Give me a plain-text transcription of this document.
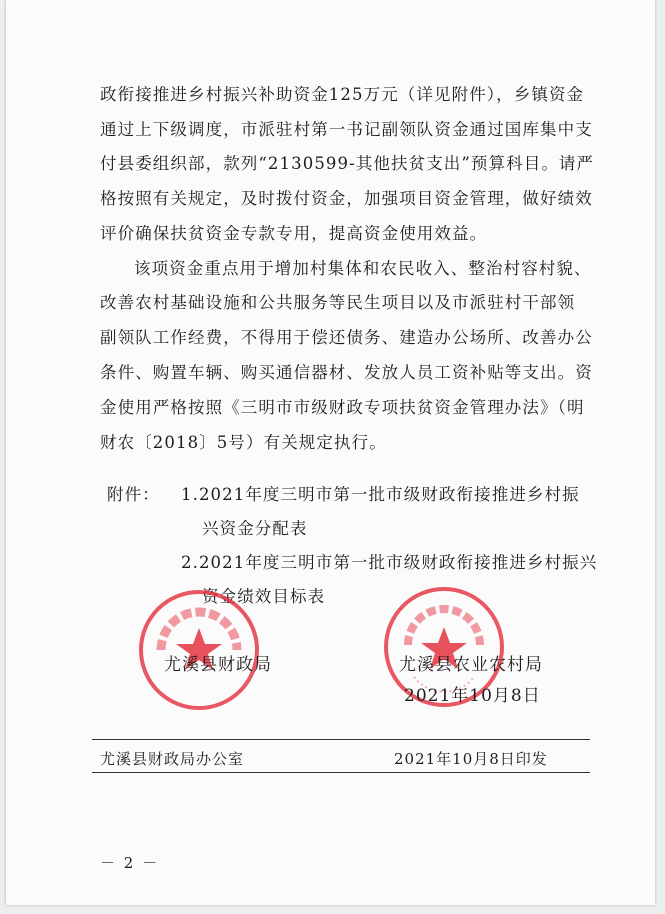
政衔接推进乡村振兴补助资金125万元（详见附件），乡镇资金
通过上下级调度，市派驻村第一书记副领队资金通过国库集中支
付县委组织部，款列“2130599-其他扶贫支出”预算科目。请严
格按照有关规定，及时拨付资金，加强项目资金管理，做好绩效
评价确保扶贫资金专款专用，提高资金使用效益。
该项资金重点用于增加村集体和农民收入、整治村容村貌、
改善农村基础设施和公共服务等民生项目以及市派驻村干部领
副领队工作经费，不得用于偿还债务、建造办公场所、改善办公
条件、购置车辆、购买通信器材、发放人员工资补贴等支出。资
金使用严格按照《三明市市级财政专项扶贫资金管理办法》（明
财农〔2018〕5号）有关规定执行。
附件： 1.2021年度三明市第一批市级财政衔接推进乡村振
兴资金分配表
2.2021年度三明市第一批市级财政衔接推进乡村振兴
资金绩效目标表
尤溪县财政局	尤溪县农业农村局
2021年10月8日
尤溪县财政局办公室	2021年10月8日印发
－ 2 －
